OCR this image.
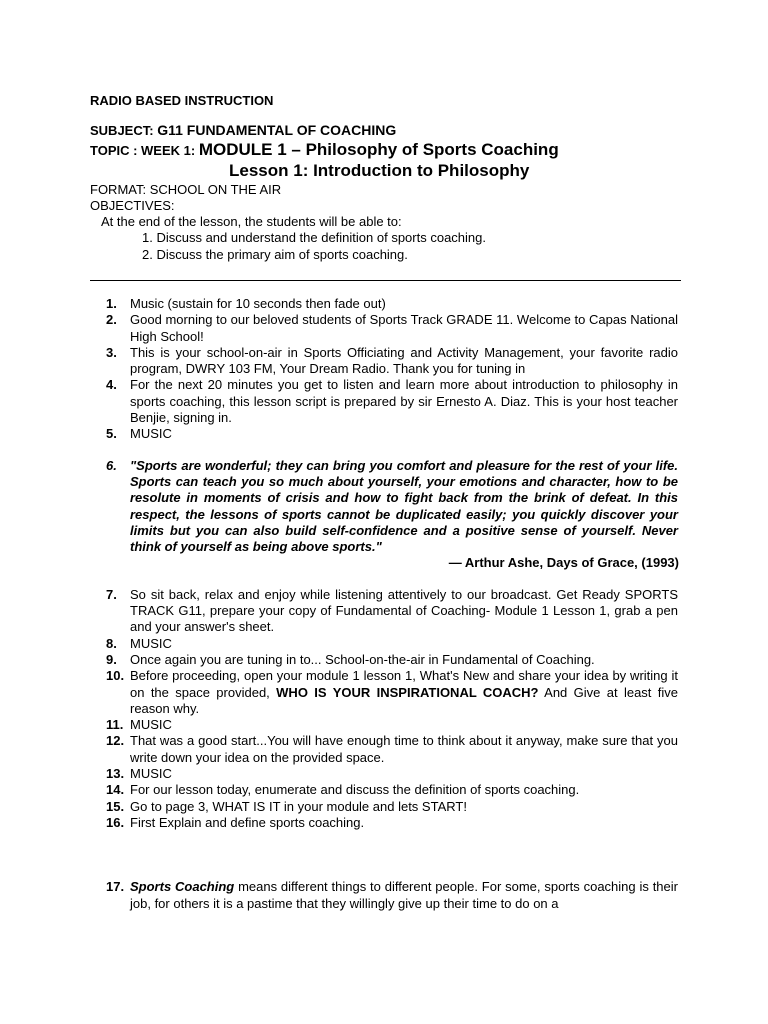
RADIO BASED INSTRUCTION
SUBJECT: G11 FUNDAMENTAL OF COACHING
TOPIC : WEEK 1: MODULE 1 – Philosophy of Sports Coaching
Lesson 1: Introduction to Philosophy
FORMAT: SCHOOL ON THE AIR
OBJECTIVES:
At the end of the lesson, the students will be able to:
1. Discuss and understand the definition of sports coaching.
2. Discuss the primary aim of sports coaching.
1. Music (sustain for 10 seconds then fade out)
2. Good morning to our beloved students of Sports Track GRADE 11. Welcome to Capas National High School!
3. This is your school-on-air in Sports Officiating and Activity Management, your favorite radio program, DWRY 103 FM, Your Dream Radio. Thank you for tuning in
4. For the next 20 minutes you get to listen and learn more about introduction to philosophy in sports coaching, this lesson script is prepared by sir Ernesto A. Diaz. This is your host teacher Benjie, signing in.
5. MUSIC
6. "Sports are wonderful; they can bring you comfort and pleasure for the rest of your life. Sports can teach you so much about yourself, your emotions and character, how to be resolute in moments of crisis and how to fight back from the brink of defeat. In this respect, the lessons of sports cannot be duplicated easily; you quickly discover your limits but you can also build self-confidence and a positive sense of yourself. Never think of yourself as being above sports."
— Arthur Ashe, Days of Grace, (1993)
7. So sit back, relax and enjoy while listening attentively to our broadcast. Get Ready SPORTS TRACK G11, prepare your copy of Fundamental of Coaching- Module 1 Lesson 1, grab a pen and your answer's sheet.
8. MUSIC
9. Once again you are tuning in to... School-on-the-air in Fundamental of Coaching.
10. Before proceeding, open your module 1 lesson 1, What's New and share your idea by writing it on the space provided, WHO IS YOUR INSPIRATIONAL COACH? And Give at least five reason why.
11. MUSIC
12. That was a good start...You will have enough time to think about it anyway, make sure that you write down your idea on the provided space.
13. MUSIC
14. For our lesson today, enumerate and discuss the definition of sports coaching.
15. Go to page 3, WHAT IS IT in your module and lets START!
16. First Explain and define sports coaching.
17. Sports Coaching means different things to different people. For some, sports coaching is their job, for others it is a pastime that they willingly give up their time to do on a
